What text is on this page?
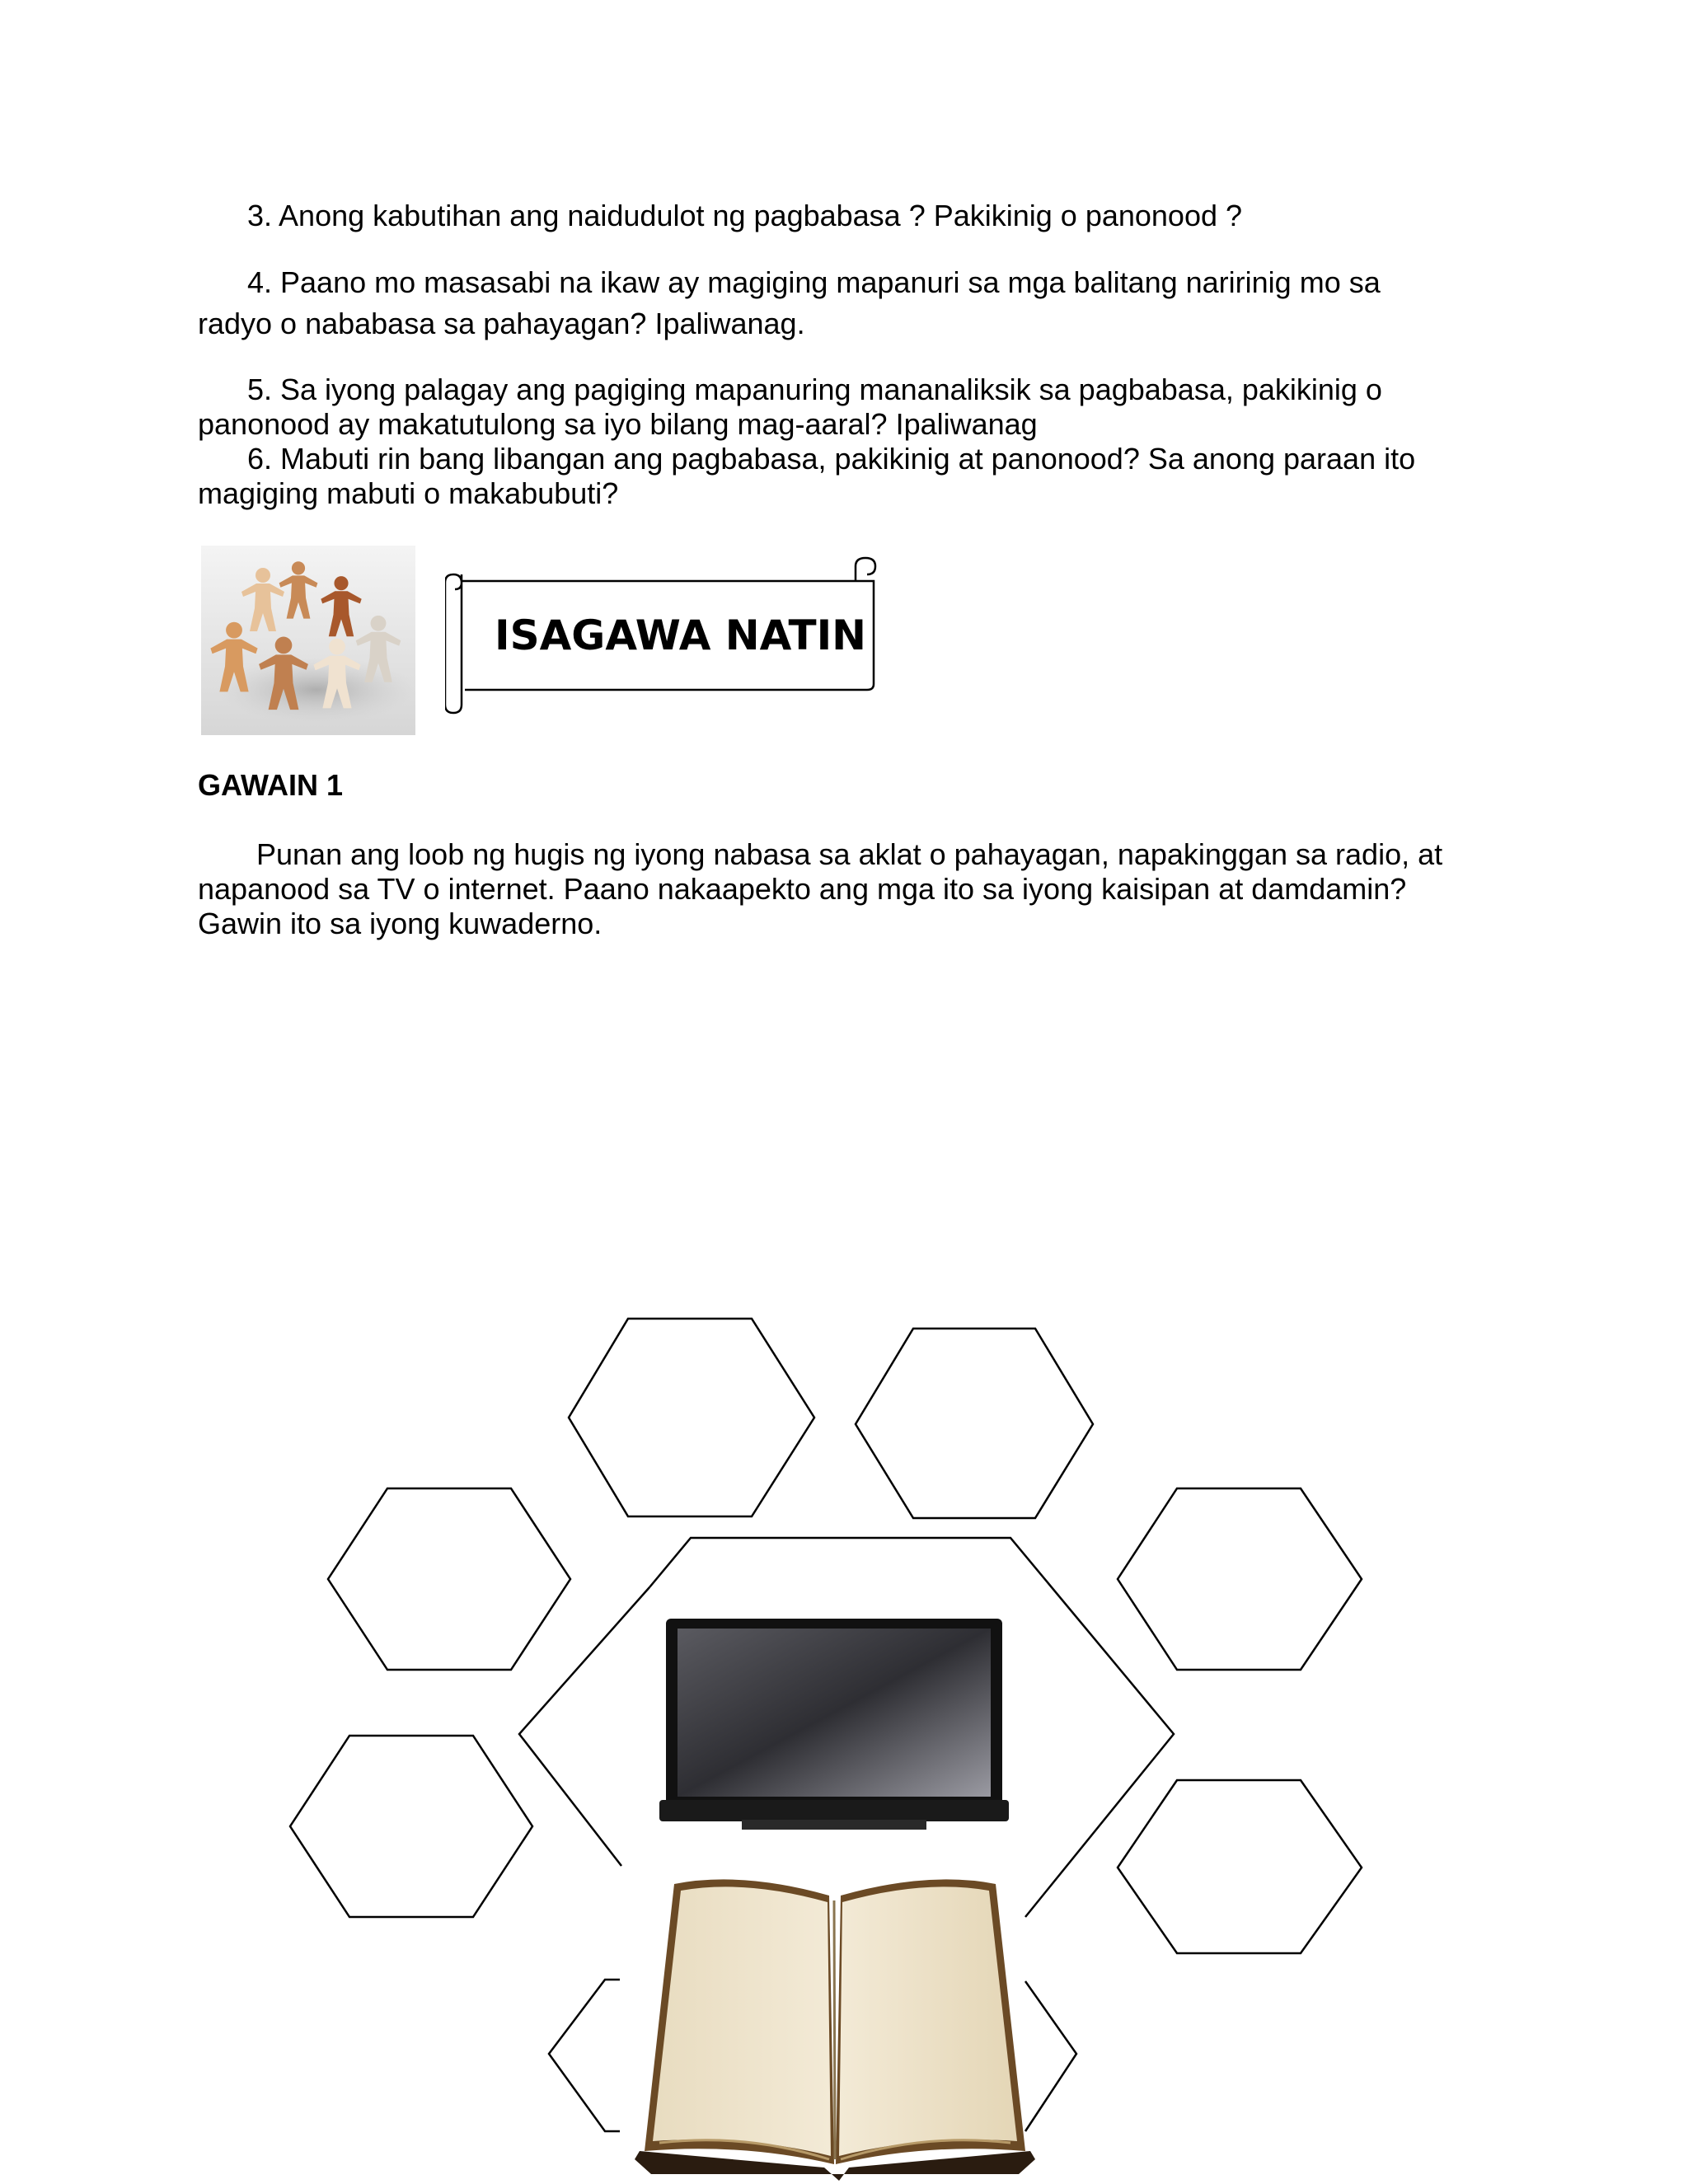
3. Anong kabutihan ang naidudulot ng pagbabasa ? Pakikinig o panonood ?
4. Paano mo masasabi na ikaw ay magiging mapanuri sa mga balitang naririnig mo sa
radyo o nababasa sa pahayagan? Ipaliwanag.
5. Sa iyong palagay ang pagiging mapanuring mananaliksik sa pagbabasa, pakikinig o
panonood ay makatutulong sa iyo bilang mag-aaral? Ipaliwanag
6. Mabuti rin bang libangan ang pagbabasa, pakikinig at panonood? Sa anong paraan ito
magiging mabuti o makabubuti?
ISAGAWA NATIN
GAWAIN 1
Punan ang loob ng hugis ng iyong nabasa sa aklat o pahayagan, napakinggan sa radio, at
napanood sa TV o internet. Paano nakaapekto ang mga ito sa iyong kaisipan at damdamin?
Gawin ito sa iyong kuwaderno.
